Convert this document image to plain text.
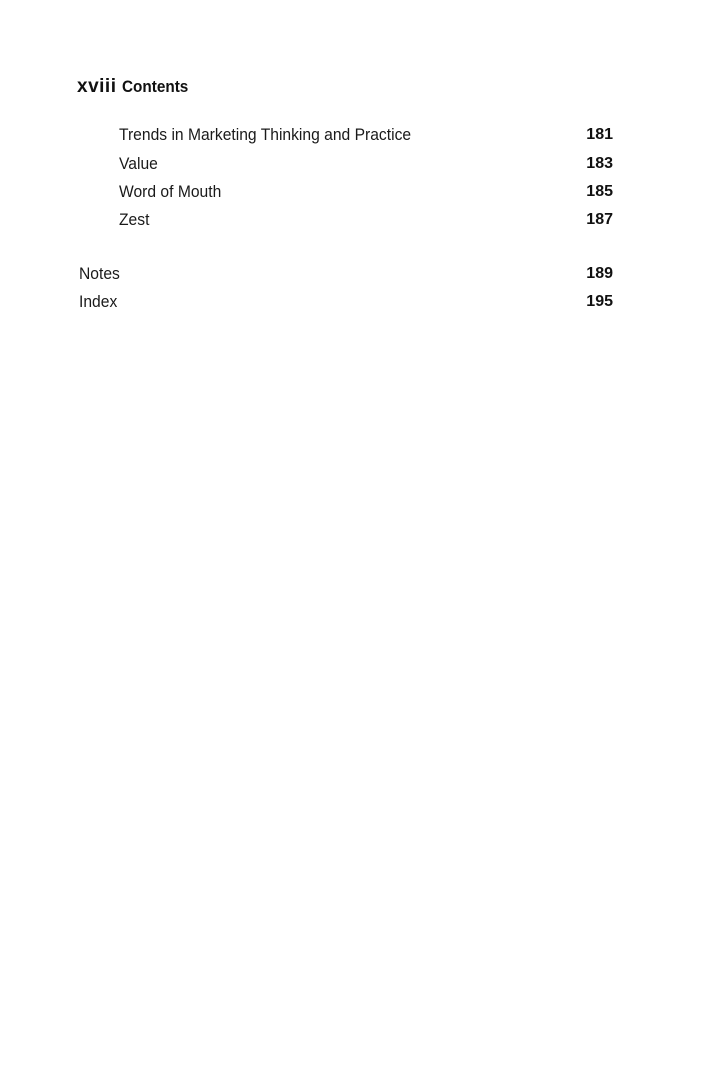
xviii Contents
Trends in Marketing Thinking and Practice	181
Value	183
Word of Mouth	185
Zest	187
Notes	189
Index	195
